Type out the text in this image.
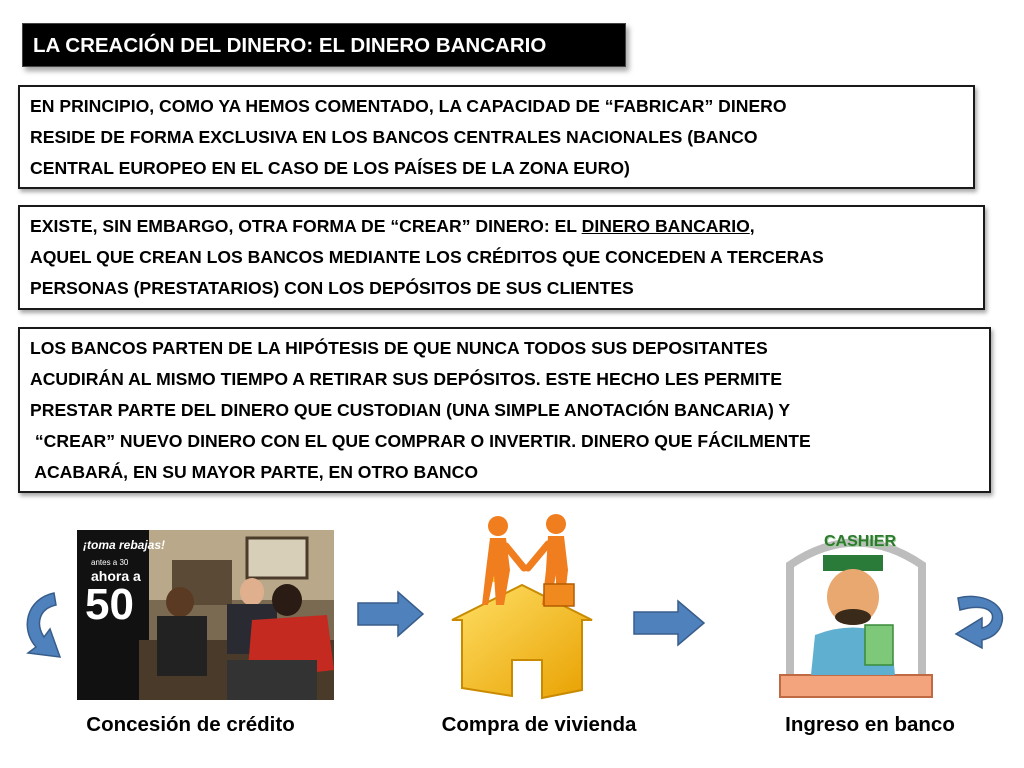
LA CREACIÓN DEL DINERO: EL DINERO BANCARIO
EN PRINCIPIO, COMO YA HEMOS COMENTADO, LA CAPACIDAD DE “FABRICAR” DINERO
RESIDE DE FORMA EXCLUSIVA EN LOS BANCOS CENTRALES NACIONALES (BANCO
CENTRAL EUROPEO EN EL CASO DE LOS PAÍSES DE LA ZONA EURO)
EXISTE, SIN EMBARGO, OTRA FORMA DE “CREAR” DINERO: EL DINERO BANCARIO,
AQUEL QUE CREAN LOS BANCOS MEDIANTE LOS CRÉDITOS QUE CONCEDEN A TERCERAS
PERSONAS (PRESTATARIOS) CON LOS DEPÓSITOS DE SUS CLIENTES
LOS BANCOS PARTEN DE LA HIPÓTESIS DE QUE NUNCA TODOS SUS DEPOSITANTES
ACUDIRÁN AL MISMO TIEMPO A RETIRAR SUS DEPÓSITOS. ESTE HECHO LES PERMITE
PRESTAR PARTE DEL DINERO QUE CUSTODIAN (UNA SIMPLE ANOTACIÓN BANCARIA) Y
“CREAR” NUEVO DINERO CON EL QUE COMPRAR O INVERTIR. DINERO QUE FÁCILMENTE
ACABARÁ, EN SU MAYOR PARTE, EN OTRO BANCO
¡toma rebajas!
antes a 30
ahora a
50
CASHIER
Concesión de crédito	Compra de vivienda	Ingreso en banco
